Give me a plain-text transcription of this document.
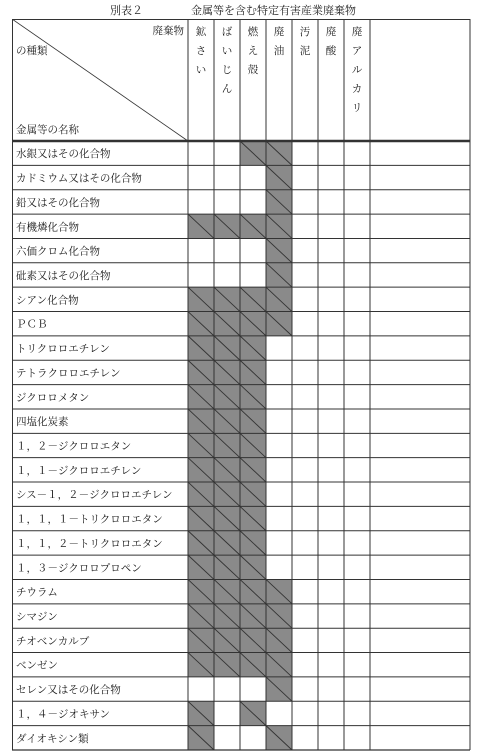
別表２	金属等を含む特定有害産業廃棄物
廃棄物
の種類
金属等の名称
鉱
さ
い
ば
い
じ
ん
燃
え
殻
廃
油
汚
泥
廃
酸
廃
ア
ル
カ
リ
水銀又はその化合物
カドミウム又はその化合物
鉛又はその化合物
有機燐化合物
六価クロム化合物
砒素又はその化合物
シアン化合物
ＰＣＢ
トリクロロエチレン
テトラクロロエチレン
ジクロロメタン
四塩化炭素
１，２－ジクロロエタン
１，１－ジクロロエチレン
シス－１，２－ジクロロエチレン
１，１，１－トリクロロエタン
１，１，２－トリクロロエタン
１，３－ジクロロプロペン
チウラム
シマジン
チオベンカルブ
ベンゼン
セレン又はその化合物
１，４－ジオキサン
ダイオキシン類
